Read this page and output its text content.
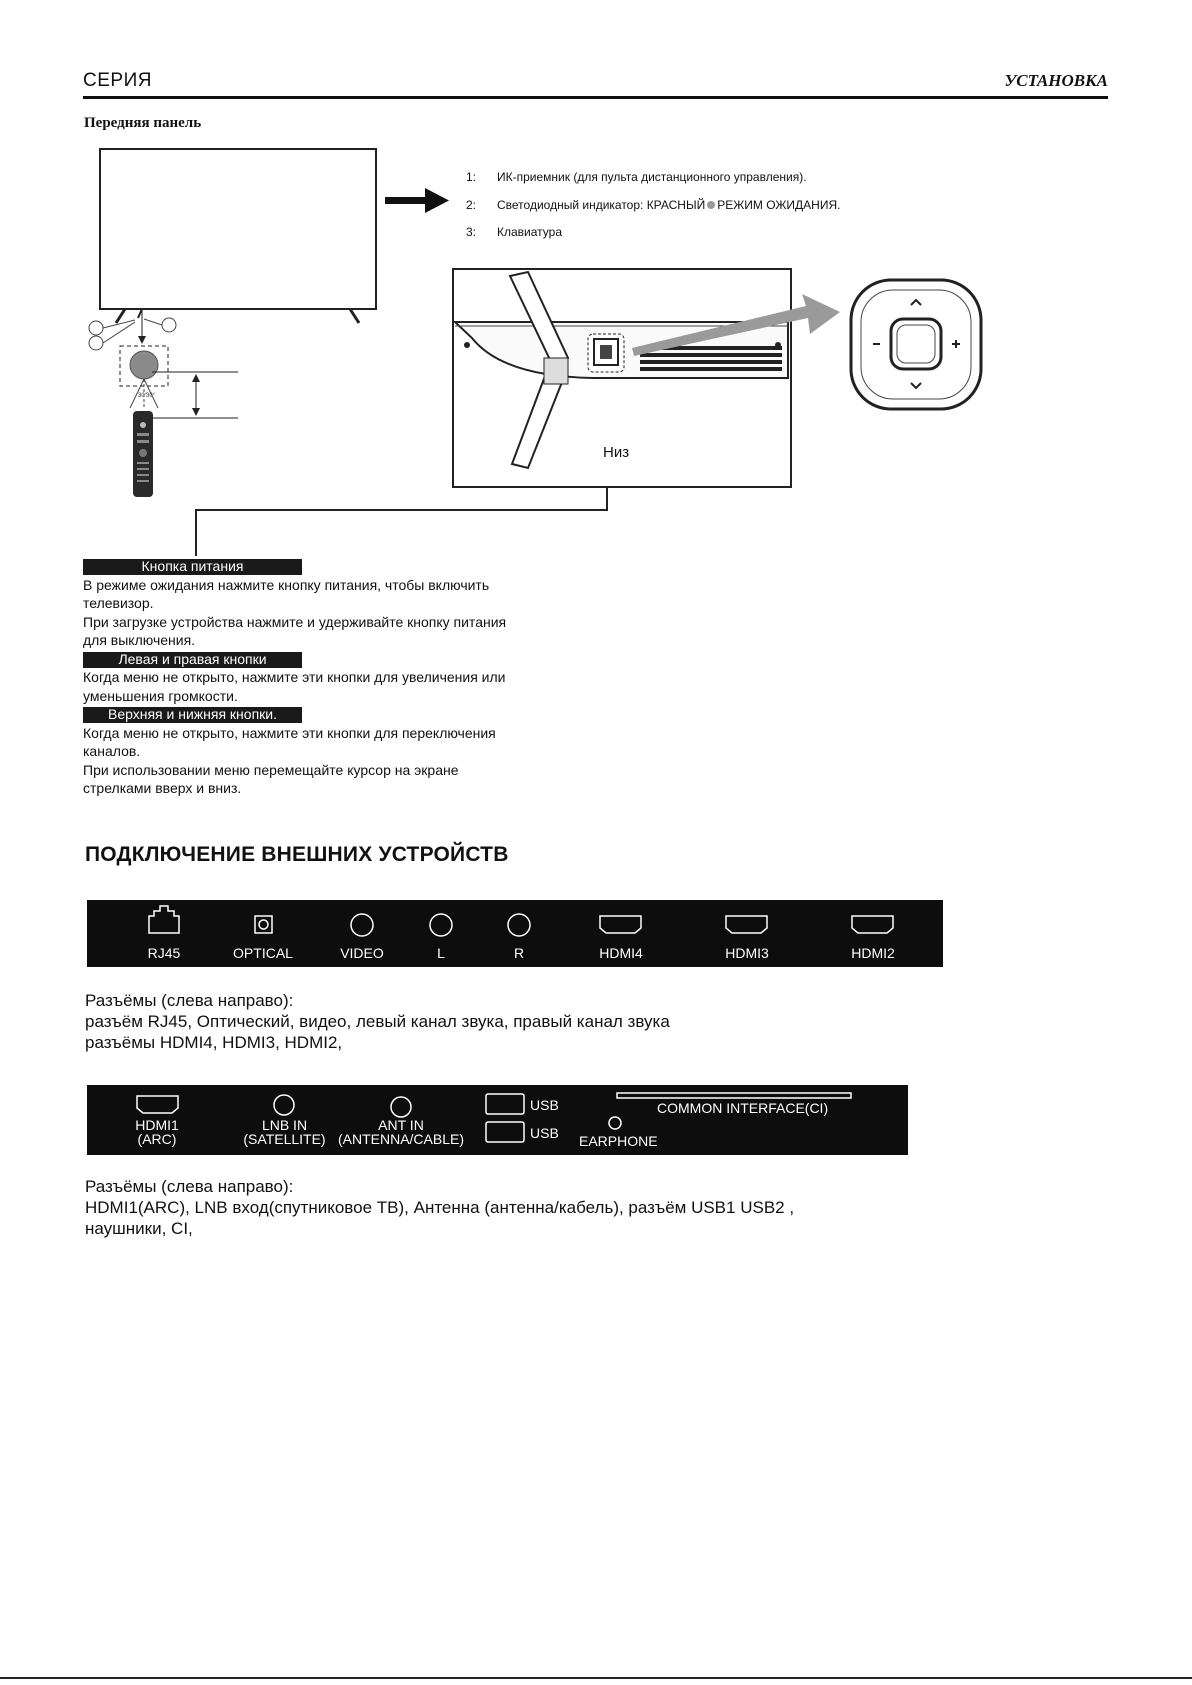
СЕРИЯ	УСТАНОВКА
Передняя панель
30°
30°
1: ИК-приемник (для пульта дистанционного управления).
2: Светодиодный индикатор: КРАСНЫЙ РЕЖИМ ОЖИДАНИЯ.
3: Клавиатура
Низ
Кнопка питания

В режиме ожидания нажмите кнопку питания, чтобы включить

телевизор.

При загрузке устройства нажмите и удерживайте кнопку питания

для выключения.

Левая и правая кнопки

Когда меню не открыто, нажмите эти кнопки для увеличения или

уменьшения громкости.

Верхняя и нижняя кнопки.

Когда меню не открыто, нажмите эти кнопки для переключения

каналов.

При использовании меню перемещайте курсор на экране

стрелками вверх и вниз.

ПОДКЛЮЧЕНИЕ ВНЕШНИХ УСТРОЙСТВ
RJ45	OPTICAL	VIDEO	L	R	HDMI4	HDMI3	HDMI2

Разъёмы (слева направо):

разъём RJ45, Оптический, видео, левый канал звука, правый канал звука

разъёмы HDMI4, HDMI3, HDMI2,

HDMI1
(ARC)
LNB IN
(SATELLITE)
ANT IN
(ANTENNA/CABLE)
USB
USB
COMMON INTERFACE(CI)
EARPHONE

Разъёмы (слева направо):

HDMI1(ARC), LNB вход(спутниковое ТВ), Антенна (антенна/кабель), разъём USB1 USB2 ,

наушники, CI,
